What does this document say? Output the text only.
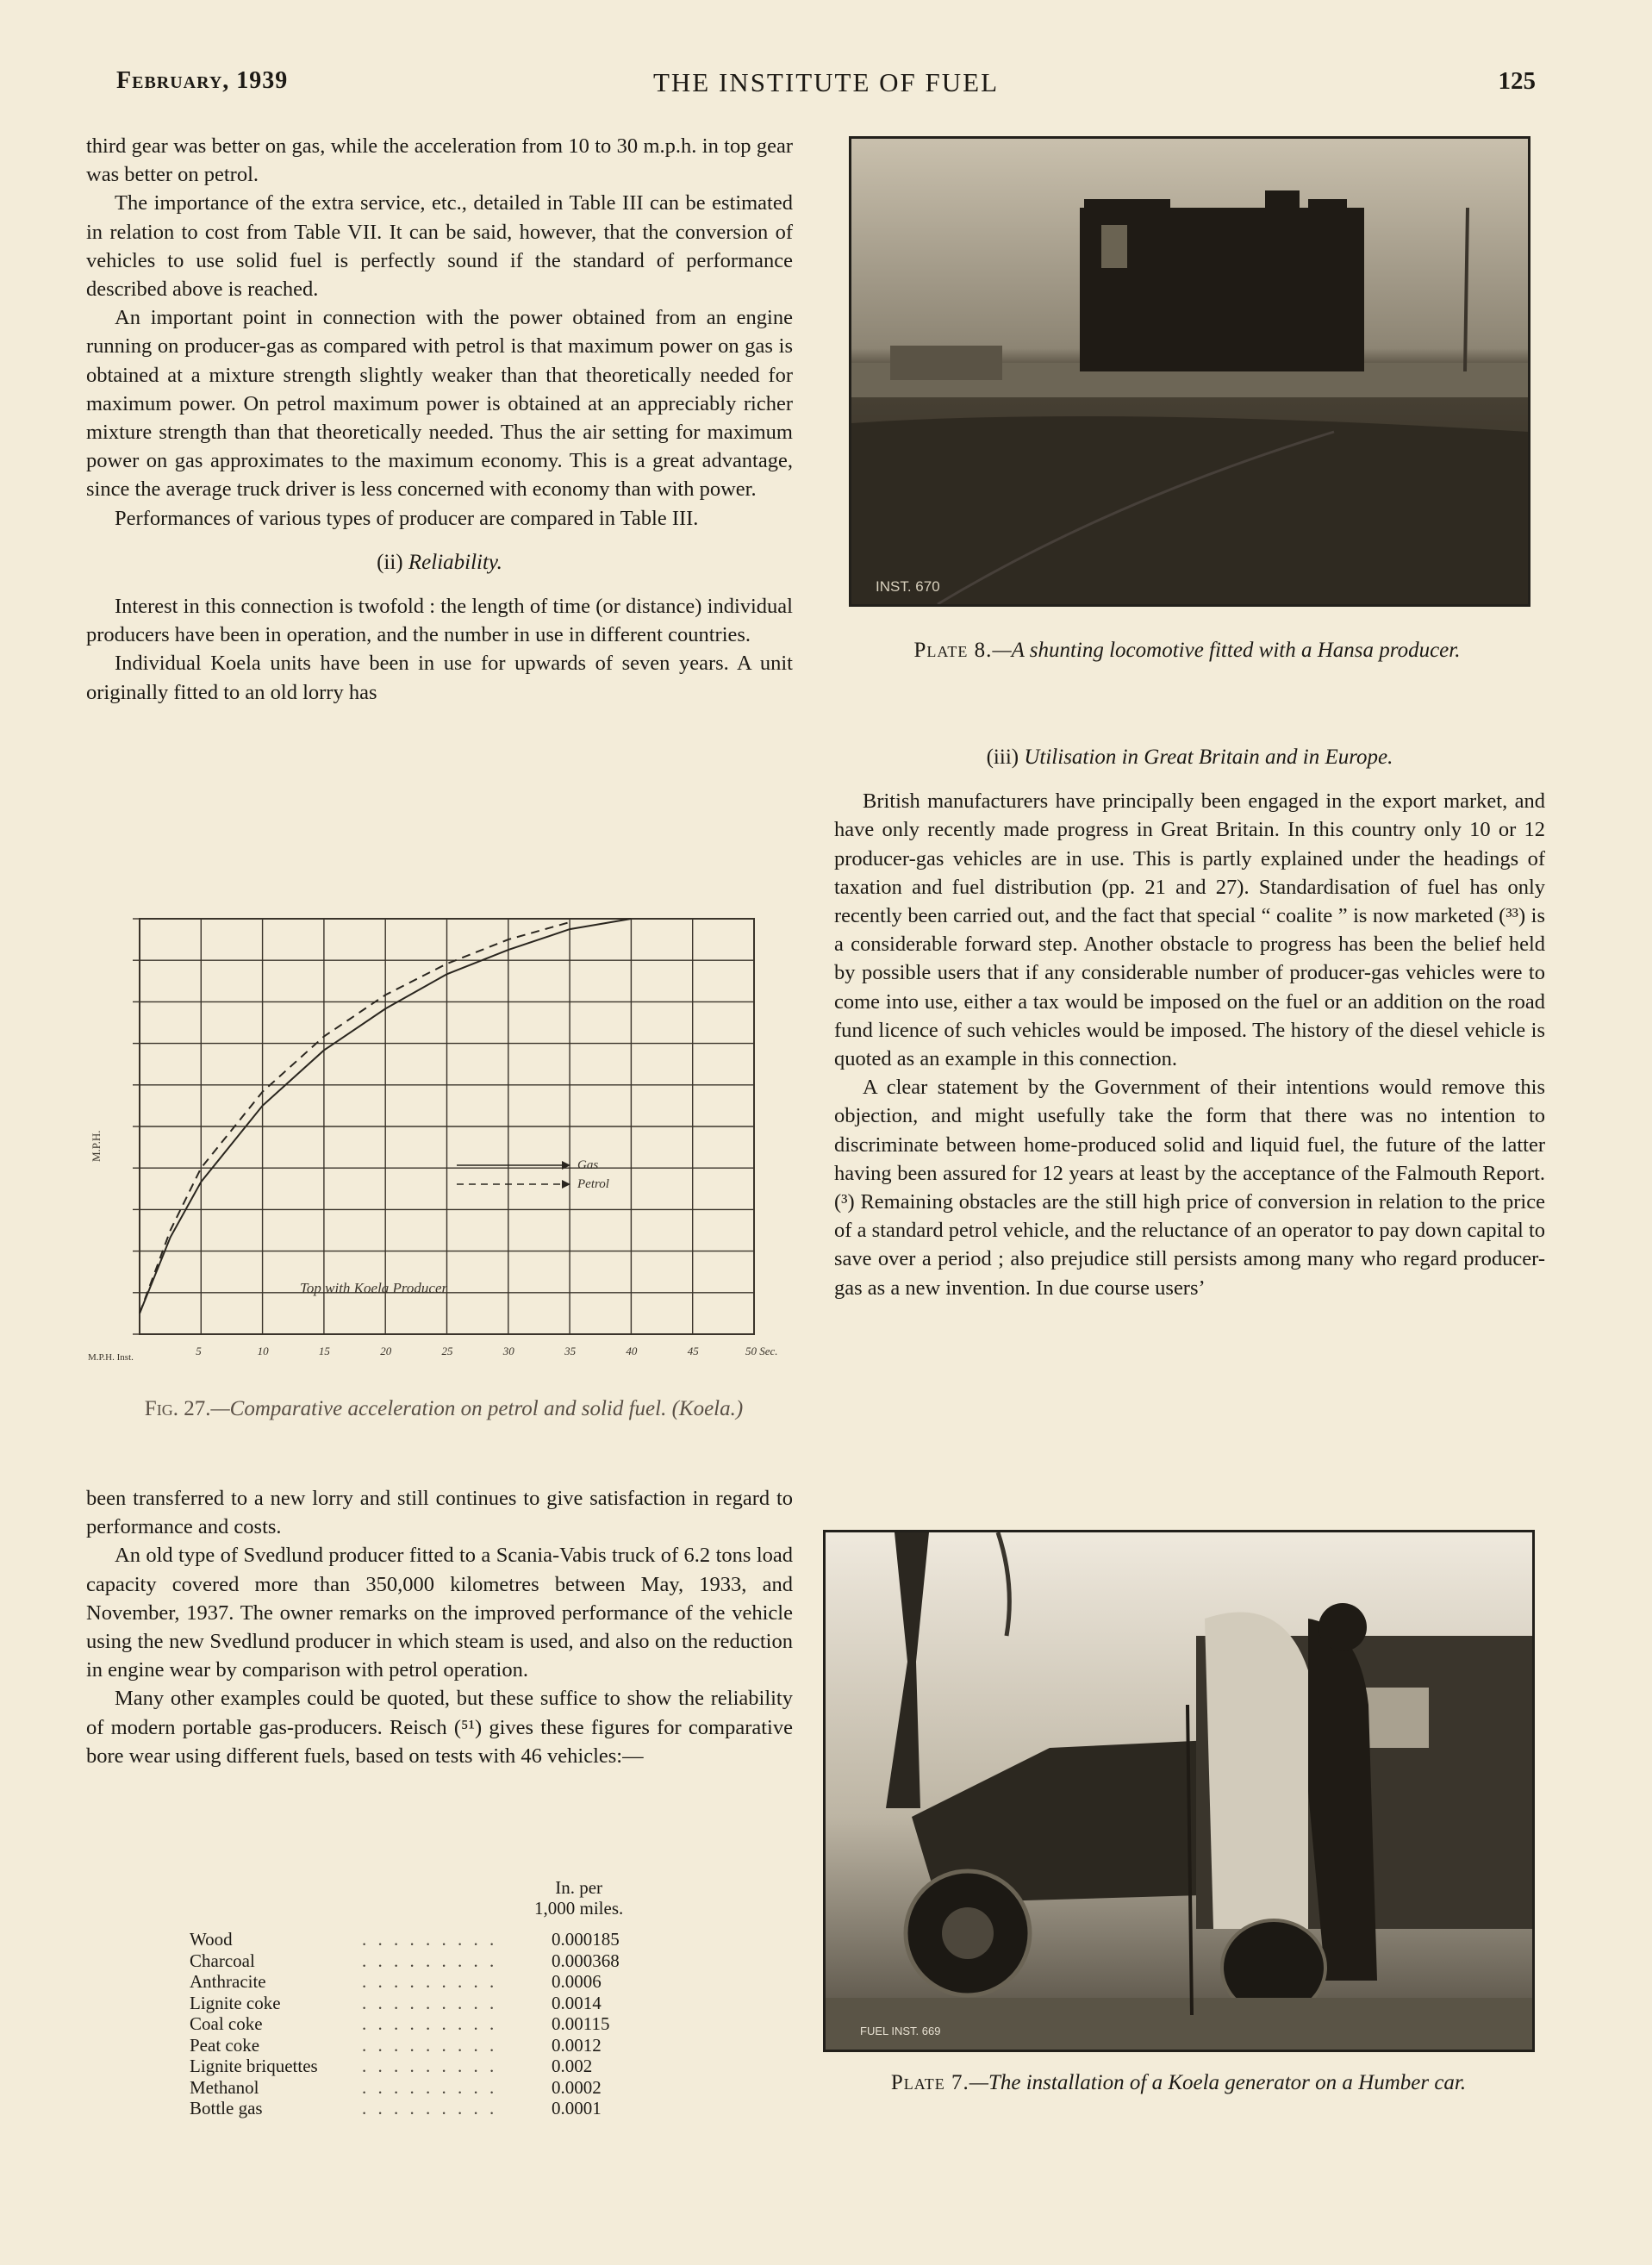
February, 1939	THE INSTITUTE OF FUEL	125

third gear was better on gas, while the acceleration from 10 to 30 m.p.h. in top gear was better on petrol.

The importance of the extra service, etc., detailed in Table III can be estimated in relation to cost from Table VII. It can be said, however, that the conversion of vehicles to use solid fuel is perfectly sound if the standard of performance described above is reached.

An important point in connection with the power obtained from an engine running on producer-gas as compared with petrol is that maximum power on gas is obtained at a mixture strength slightly weaker than that theoretically needed for maximum power. On petrol maximum power is obtained at an appreciably richer mixture strength than that theoretically needed. Thus the air setting for maximum power on gas approximates to the maximum economy. This is a great advantage, since the average truck driver is less concerned with economy than with power.

Performances of various types of producer are compared in Table III.

(ii) Reliability.

Interest in this connection is twofold : the length of time (or distance) individual producers have been in operation, and the number in use in different countries.

Individual Koela units have been in use for upwards of seven years. A unit originally fitted to an old lorry has

5	10	15	20	25	30	35	40	45	50 Sec.
Gas
Petrol
Top with Koela Producer
M.P.H. Inst.
M.P.H.
Fig. 27.—Comparative acceleration on petrol and solid fuel. (Koela.)

been transferred to a new lorry and still continues to give satisfaction in regard to performance and costs.

An old type of Svedlund producer fitted to a Scania-Vabis truck of 6.2 tons load capacity covered more than 350,000 kilometres between May, 1933, and November, 1937. The owner remarks on the improved performance of the vehicle using the new Svedlund producer in which steam is used, and also on the reduction in engine wear by comparison with petrol operation.

Many other examples could be quoted, but these suffice to show the reliability of modern portable gas-producers. Reisch (⁵¹) gives these figures for comparative bore wear using different fuels, based on tests with 46 vehicles:—

In. per
1,000 miles.
Wood	. . . . . . . . .	0.000185
Charcoal	. . . . . . . . .	0.000368
Anthracite	. . . . . . . . .	0.0006
Lignite coke	. . . . . . . . .	0.0014
Coal coke	. . . . . . . . .	0.00115
Peat coke	. . . . . . . . .	0.0012
Lignite briquettes	. . . . . . . . .	0.002
Methanol	. . . . . . . . .	0.0002
Bottle gas	. . . . . . . . .	0.0001
INST. 670
Plate 8.—A shunting locomotive fitted with a Hansa producer.
(iii) Utilisation in Great Britain and in Europe.

British manufacturers have principally been engaged in the export market, and have only recently made progress in Great Britain. In this country only 10 or 12 producer-gas vehicles are in use. This is partly explained under the headings of taxation and fuel distribution (pp. 21 and 27). Standardisation of fuel has only recently been carried out, and the fact that special “ coalite ” is now marketed (³³) is a considerable forward step. Another obstacle to progress has been the belief held by possible users that if any considerable number of producer-gas vehicles were to come into use, either a tax would be imposed on the fuel or an addition on the road fund licence of such vehicles would be imposed. The history of the diesel vehicle is quoted as an example in this connection.

A clear statement by the Government of their intentions would remove this objection, and might usefully take the form that there was no intention to discriminate between home-produced solid and liquid fuel, the future of the latter having been assured for 12 years at least by the acceptance of the Falmouth Report.(³) Remaining obstacles are the still high price of conversion in relation to the price of a standard petrol vehicle, and the reluctance of an operator to pay down capital to save over a period ; also prejudice still persists among many who regard producer-gas as a new invention. In due course users’

FUEL INST. 669
Plate 7.—The installation of a Koela generator on a Humber car.
